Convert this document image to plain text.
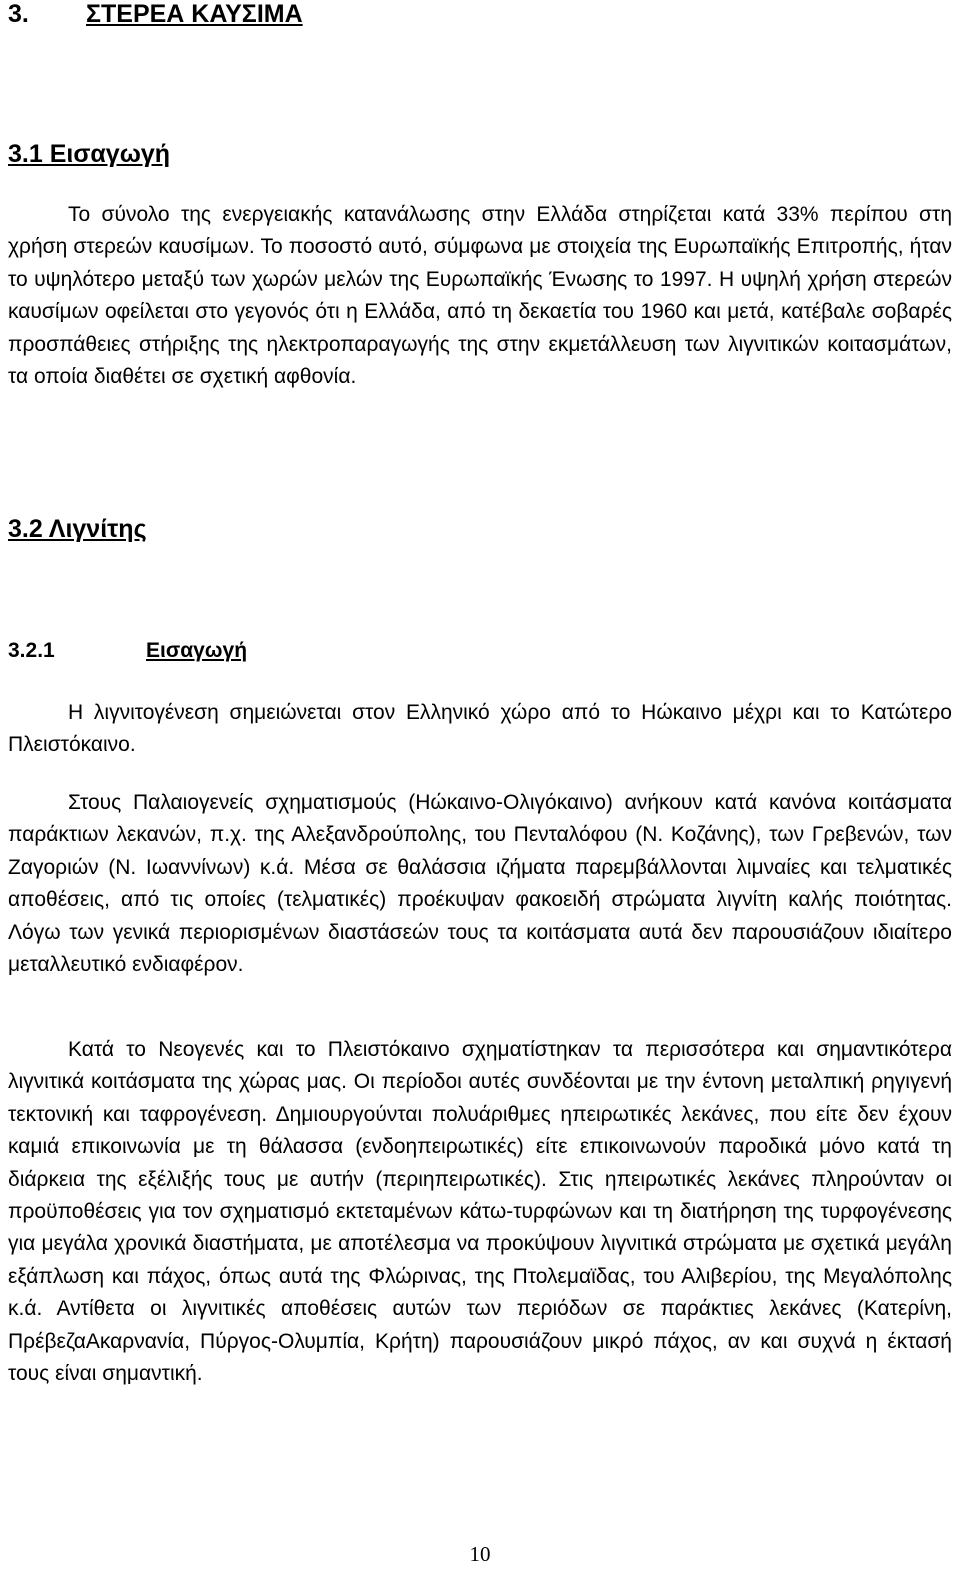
3. ΣΤΕΡΕΑ ΚΑΥΣΙΜΑ
3.1 Εισαγωγή

Το σύνολο της ενεργειακής κατανάλωσης στην Ελλάδα στηρίζεται κατά 33% περίπου στη χρήση στερεών καυσίμων. Το ποσοστό αυτό, σύμφωνα με στοιχεία της Ευρωπαϊκής Επιτροπής, ήταν το υψηλότερο μεταξύ των χωρών μελών της Ευρωπαϊκής Ένωσης το 1997. Η υψηλή χρήση στερεών καυσίμων οφείλεται στο γεγονός ότι η Ελλάδα, από τη δεκαετία του 1960 και μετά, κατέβαλε σοβαρές προσπάθειες στήριξης της ηλεκτροπαραγωγής της στην εκμετάλλευση των λιγνιτικών κοιτασμάτων, τα οποία διαθέτει σε σχετική αφθονία.

3.2 Λιγνίτης
3.2.1	Εισαγωγή

Η λιγνιτογένεση σημειώνεται στον Ελληνικό χώρο από το Ηώκαινο μέχρι και το Κατώτερο Πλειστόκαινο.

Στους Παλαιογενείς σχηματισμούς (Ηώκαινο-Ολιγόκαινο) ανήκουν κατά κανόνα κοιτάσματα παράκτιων λεκανών, π.χ. της Αλεξανδρούπολης, του Πενταλόφου (Ν. Κοζάνης), των Γρεβενών, των Ζαγοριών (Ν. Ιωαννίνων) κ.ά. Μέσα σε θαλάσσια ιζήματα παρεμβάλλονται λιμναίες και τελματικές αποθέσεις, από τις οποίες (τελματικές) προέκυψαν φακοειδή στρώματα λιγνίτη καλής ποιότητας. Λόγω των γενικά περιορισμένων διαστάσεών τους τα κοιτάσματα αυτά δεν παρουσιάζουν ιδιαίτερο μεταλλευτικό ενδιαφέρον.

Κατά το Νεογενές και το Πλειστόκαινο σχηματίστηκαν τα περισσότερα και σημαντικότερα λιγνιτικά κοιτάσματα της χώρας μας. Οι περίοδοι αυτές συνδέονται με την έντονη μεταλπική ρηγιγενή τεκτονική και ταφρογένεση. Δημιουργούνται πολυάριθμες ηπειρωτικές λεκάνες, που είτε δεν έχουν καμιά επικοινωνία με τη θάλασσα (ενδοηπειρωτικές) είτε επικοινωνούν παροδικά μόνο κατά τη διάρκεια της εξέλιξής τους με αυτήν (περιηπειρωτικές). Στις ηπειρωτικές λεκάνες πληρούνταν οι προϋποθέσεις για τον σχηματισμό εκτεταμένων κάτω-τυρφώνων και τη διατήρηση της τυρφογένεσης για μεγάλα χρονικά διαστήματα, με αποτέλεσμα να προκύψουν λιγνιτικά στρώματα με σχετικά μεγάλη εξάπλωση και πάχος, όπως αυτά της Φλώρινας, της Πτολεμαϊδας, του Αλιβερίου, της Μεγαλόπολης κ.ά. Αντίθετα οι λιγνιτικές αποθέσεις αυτών των περιόδων σε παράκτιες λεκάνες (Κατερίνη, ΠρέβεζαΑκαρνανία, Πύργος-Ολυμπία, Κρήτη) παρουσιάζουν μικρό πάχος, αν και συχνά η έκτασή τους είναι σημαντική.

10
